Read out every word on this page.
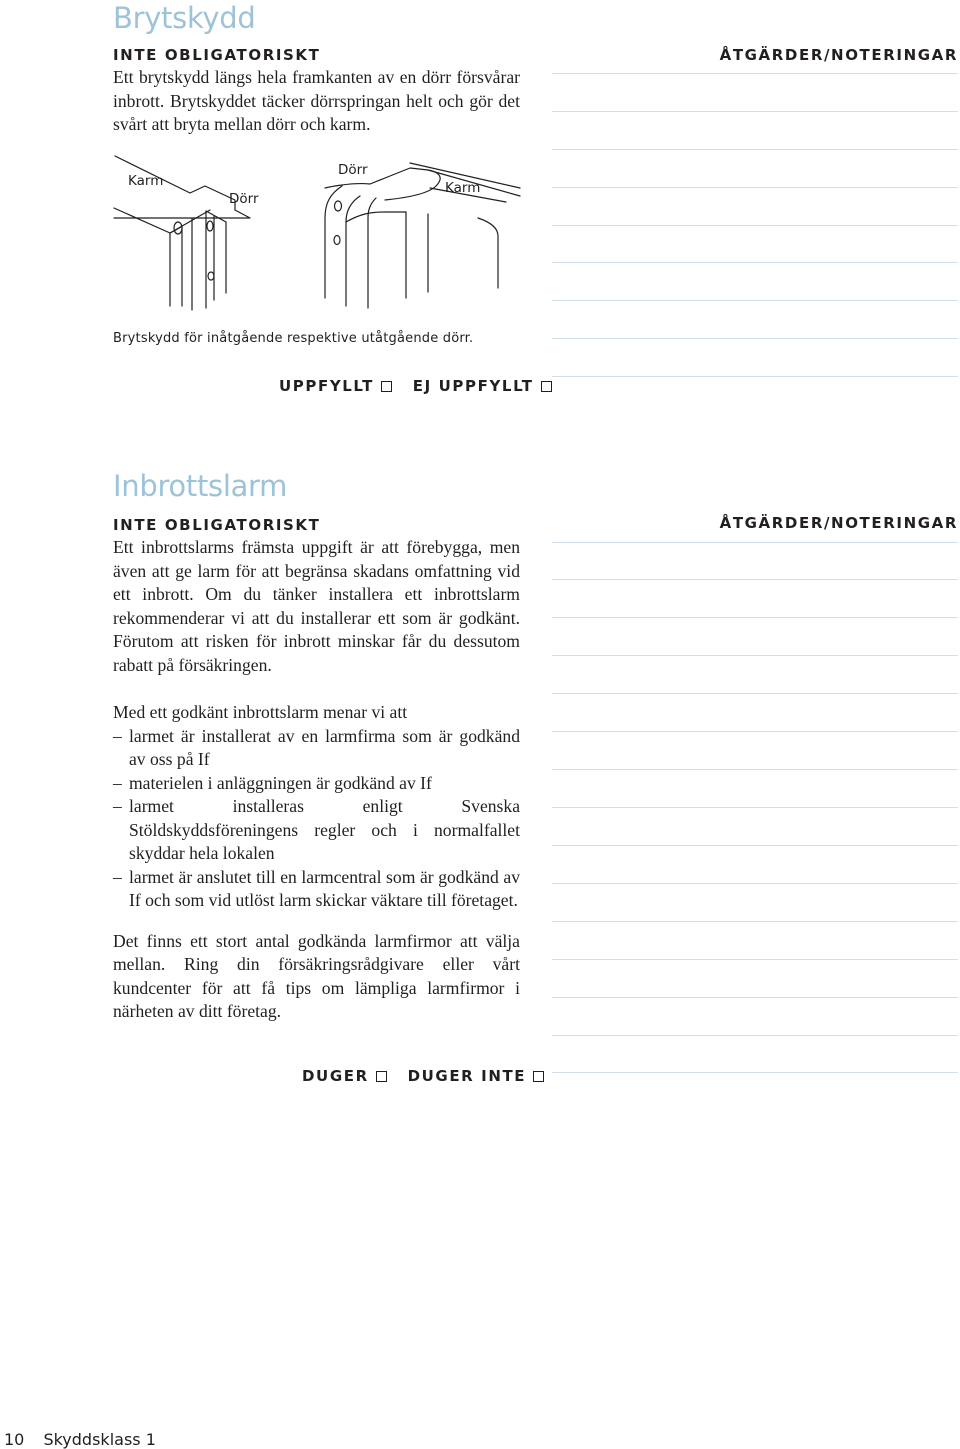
Brytskydd
INTE OBLIGATORISKT	ÅTGÄRDER/NOTERINGAR

Ett brytskydd längs hela framkanten av en dörr försvårar inbrott. Brytskyddet täcker dörrspringan helt och gör det svårt att bryta mellan dörr och karm.

Karm
Dörr
Dörr
Karm
Brytskydd för inåtgående respektive utåtgående dörr.
UPPFYLLT	EJ UPPFYLLT
Inbrottslarm
INTE OBLIGATORISKT	ÅTGÄRDER/NOTERINGAR

Ett inbrottslarms främsta uppgift är att förebygga, men även att ge larm för att begränsa skadans omfattning vid ett inbrott. Om du tänker installera ett inbrottslarm rekommenderar vi att du installerar ett som är godkänt. Förutom att risken för inbrott minskar får du dessutom rabatt på försäkringen.

Med ett godkänt inbrottslarm menar vi att

– larmet är installerat av en larmfirma som är godkänd av oss på If
– materielen i anläggningen är godkänd av If
– larmet installeras enligt Svenska Stöldskyddsföreningens regler och i normalfallet skyddar hela lokalen
– larmet är anslutet till en larmcentral som är godkänd av If och som vid utlöst larm skickar väktare till företaget.

Det finns ett stort antal godkända larmfirmor att välja mellan. Ring din försäkringsrådgivare eller vårt kundcenter för att få tips om lämpliga larmfirmor i närheten av ditt företag.

DUGER	DUGER INTE
10 Skyddsklass 1
